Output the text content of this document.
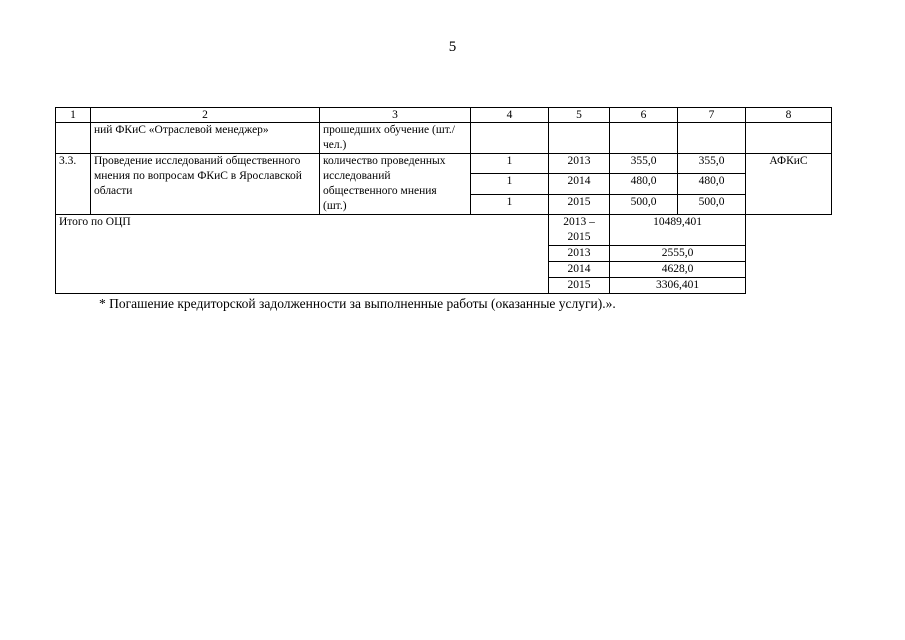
5
1	2	3	4	5	6	7	8
	ний ФКиС «Отраслевой менеджер»	прошедших обучение (шт./чел.)					
3.3.	Проведение исследований общественного мнения по вопросам ФКиС в Ярославской области	количество проведенных исследований общественного мнения (шт.)	1	2013	355,0	355,0	АФКиС
			1	2014	480,0	480,0	
			1	2015	500,0	500,0	
Итого по ОЦП				2013 – 2015	10489,401		
				2013	2555,0		
				2014	4628,0		
				2015	3306,401		
* Погашение кредиторской задолженности за выполненные работы (оказанные услуги).».
